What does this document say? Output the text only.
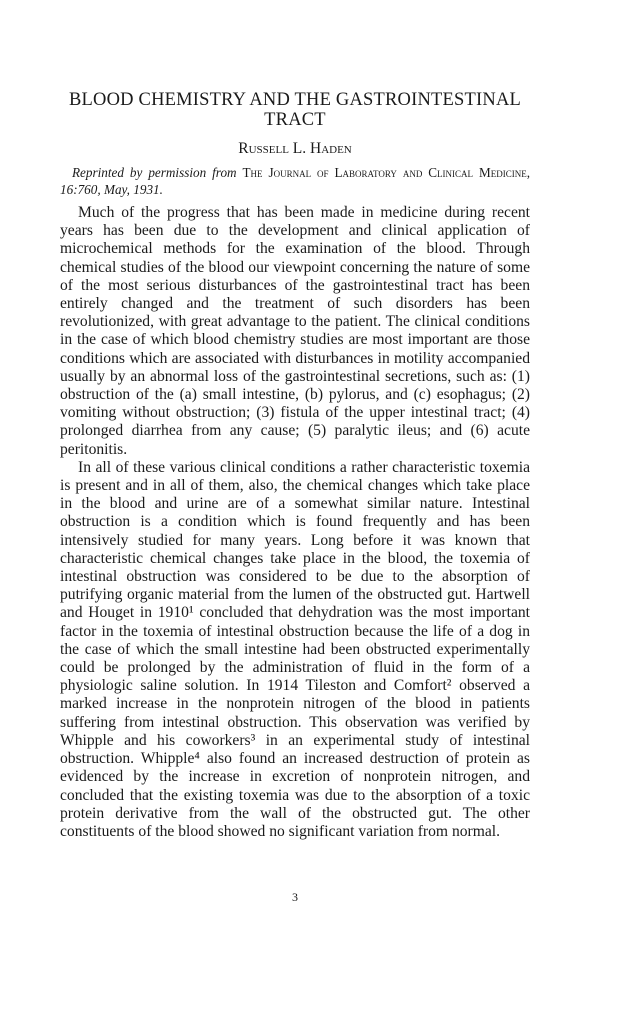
BLOOD CHEMISTRY AND THE GASTROINTESTINAL
TRACT
Russell L. Haden

Reprinted by permission from The Journal of Laboratory and Clinical Medicine, 16:760, May, 1931.

Much of the progress that has been made in medicine during recent years has been due to the development and clinical application of microchemical methods for the examination of the blood. Through chemical studies of the blood our viewpoint concerning the nature of some of the most serious disturbances of the gastrointestinal tract has been entirely changed and the treatment of such disorders has been revolutionized, with great advantage to the patient. The clinical conditions in the case of which blood chemistry studies are most important are those conditions which are associated with disturbances in motility accompanied usually by an abnormal loss of the gastrointestinal secretions, such as: (1) obstruction of the (a) small intestine, (b) pylorus, and (c) esophagus; (2) vomiting without obstruction; (3) fistula of the upper intestinal tract; (4) prolonged diarrhea from any cause; (5) paralytic ileus; and (6) acute peritonitis.

In all of these various clinical conditions a rather characteristic toxemia is present and in all of them, also, the chemical changes which take place in the blood and urine are of a somewhat similar nature. Intestinal obstruction is a condition which is found frequently and has been intensively studied for many years. Long before it was known that characteristic chemical changes take place in the blood, the toxemia of intestinal obstruction was considered to be due to the absorption of putrifying organic material from the lumen of the obstructed gut. Hartwell and Houget in 1910¹ concluded that dehydration was the most important factor in the toxemia of intestinal obstruction because the life of a dog in the case of which the small intestine had been obstructed experimentally could be prolonged by the administration of fluid in the form of a physiologic saline solution. In 1914 Tileston and Comfort² observed a marked increase in the nonprotein nitrogen of the blood in patients suffering from intestinal obstruction. This observation was verified by Whipple and his coworkers³ in an experimental study of intestinal obstruction. Whipple⁴ also found an increased destruction of protein as evidenced by the increase in excretion of nonprotein nitrogen, and concluded that the existing toxemia was due to the absorption of a toxic protein derivative from the wall of the obstructed gut. The other constituents of the blood showed no significant variation from normal.

3
